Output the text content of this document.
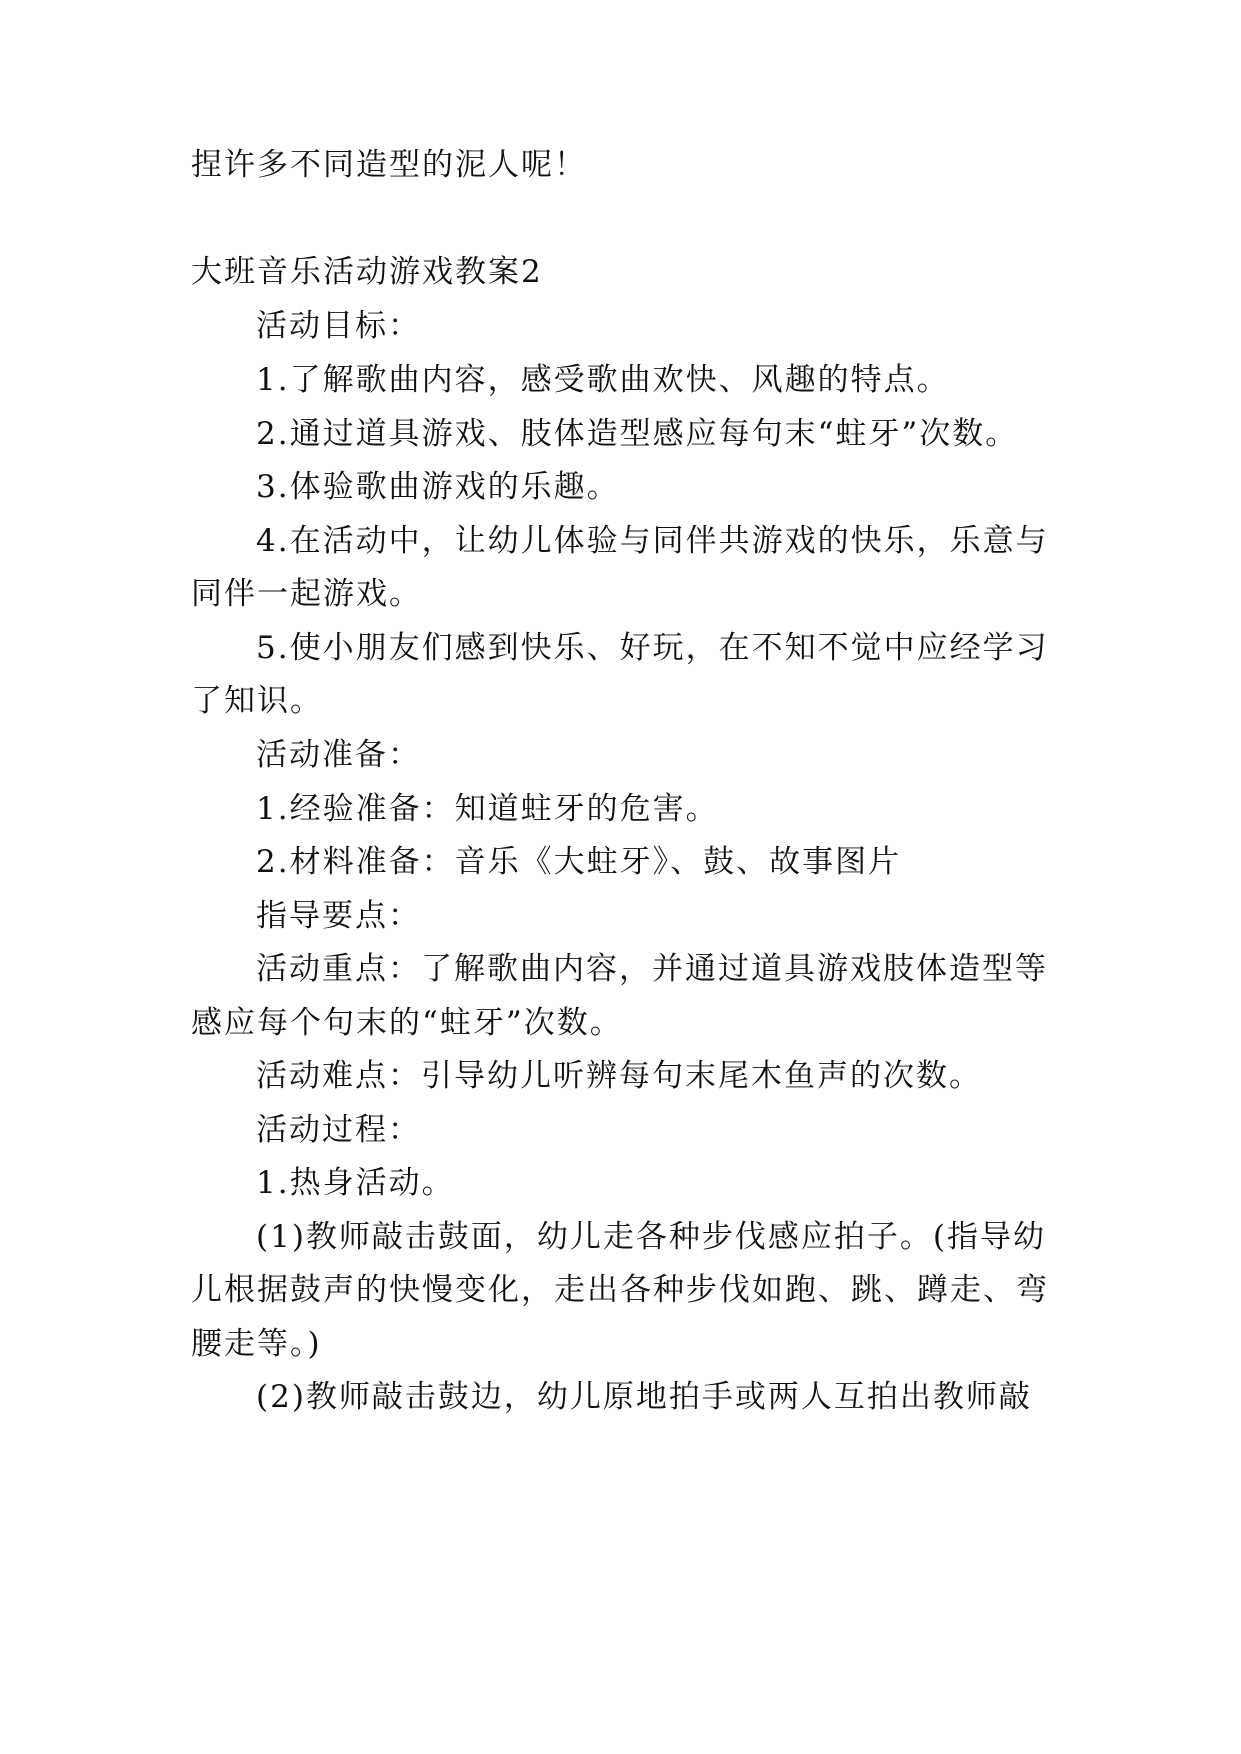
捏许多不同造型的泥人呢！
大班音乐活动游戏教案2
活动目标：
1.了解歌曲内容，感受歌曲欢快、风趣的特点。
2.通过道具游戏、肢体造型感应每句末“蛀牙”次数。
3.体验歌曲游戏的乐趣。
4.在活动中，让幼儿体验与同伴共游戏的快乐，乐意与
同伴一起游戏。
5.使小朋友们感到快乐、好玩，在不知不觉中应经学习
了知识。
活动准备：
1.经验准备：知道蛀牙的危害。
2.材料准备：音乐《大蛀牙》、鼓、故事图片
指导要点：
活动重点：了解歌曲内容，并通过道具游戏肢体造型等
感应每个句末的“蛀牙”次数。
活动难点：引导幼儿听辨每句末尾木鱼声的次数。
活动过程：
1.热身活动。
(1)教师敲击鼓面，幼儿走各种步伐感应拍子。(指导幼
儿根据鼓声的快慢变化，走出各种步伐如跑、跳、蹲走、弯
腰走等。)
(2)教师敲击鼓边，幼儿原地拍手或两人互拍出教师敲
